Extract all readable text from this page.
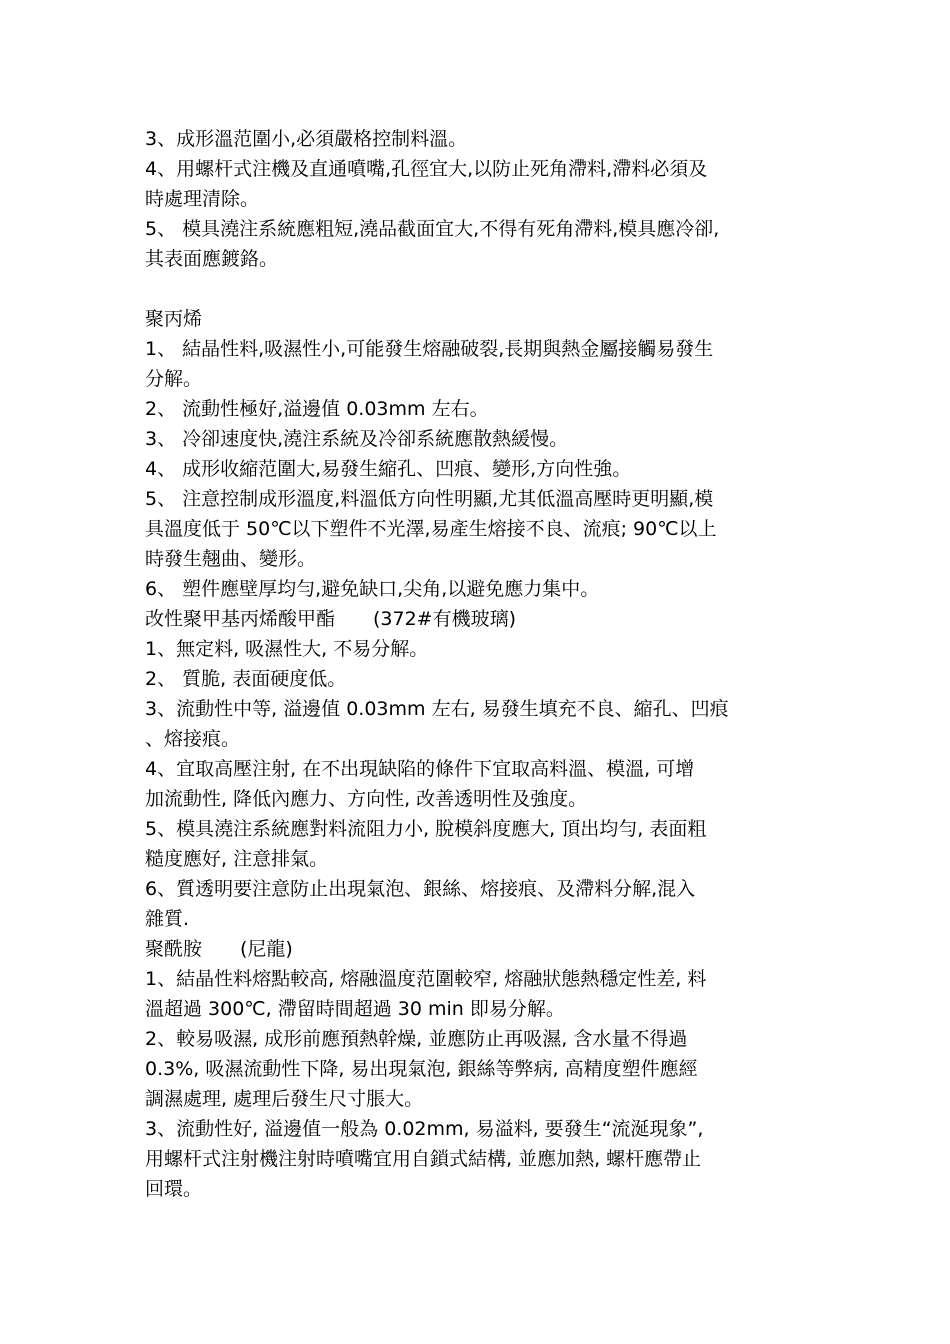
3、成形溫范圍小,必須嚴格控制料溫。
4、用螺杆式注機及直通噴嘴,孔徑宜大,以防止死角滯料,滯料必須及
時處理清除。
5、 模具澆注系統應粗短,澆品截面宜大,不得有死角滯料,模具應冷卻,
其表面應鍍鉻。
聚丙烯
1、 結晶性料,吸濕性小,可能發生熔融破裂,長期與熱金屬接觸易發生
分解。
2、 流動性極好,溢邊值 0.03mm 左右。
3、 冷卻速度快,澆注系統及冷卻系統應散熱緩慢。
4、 成形收縮范圍大,易發生縮孔、凹痕、變形,方向性強。
5、 注意控制成形溫度,料溫低方向性明顯,尤其低溫高壓時更明顯,模
具溫度低于 50℃以下塑件不光澤,易產生熔接不良、流痕; 90℃以上
時發生翹曲、變形。
6、 塑件應壁厚均勻,避免缺口,尖角,以避免應力集中。
改性聚甲基丙烯酸甲酯　　(372#有機玻璃)
1、無定料, 吸濕性大, 不易分解。
2、 質脆, 表面硬度低。
3、流動性中等, 溢邊值 0.03mm 左右, 易發生填充不良、縮孔、凹痕
、熔接痕。
4、宜取高壓注射, 在不出現缺陷的條件下宜取高料溫、模溫, 可增
加流動性, 降低內應力、方向性, 改善透明性及強度。
5、模具澆注系統應對料流阻力小, 脫模斜度應大, 頂出均勻, 表面粗
糙度應好, 注意排氣。
6、質透明要注意防止出現氣泡、銀絲、熔接痕、及滯料分解,混入
雜質.
聚酰胺　　(尼龍)
1、結晶性料熔點較高, 熔融溫度范圍較窄, 熔融狀態熱穩定性差, 料
溫超過 300℃, 滯留時間超過 30 min 即易分解。
2、較易吸濕, 成形前應預熱幹燥, 並應防止再吸濕, 含水量不得過
0.3%, 吸濕流動性下降, 易出現氣泡, 銀絲等弊病, 高精度塑件應經
調濕處理, 處理后發生尺寸脹大。
3、流動性好, 溢邊值一般為 0.02mm, 易溢料, 要發生“流涎現象”,
用螺杆式注射機注射時噴嘴宜用自鎖式結構, 並應加熱, 螺杆應帶止
回環。
